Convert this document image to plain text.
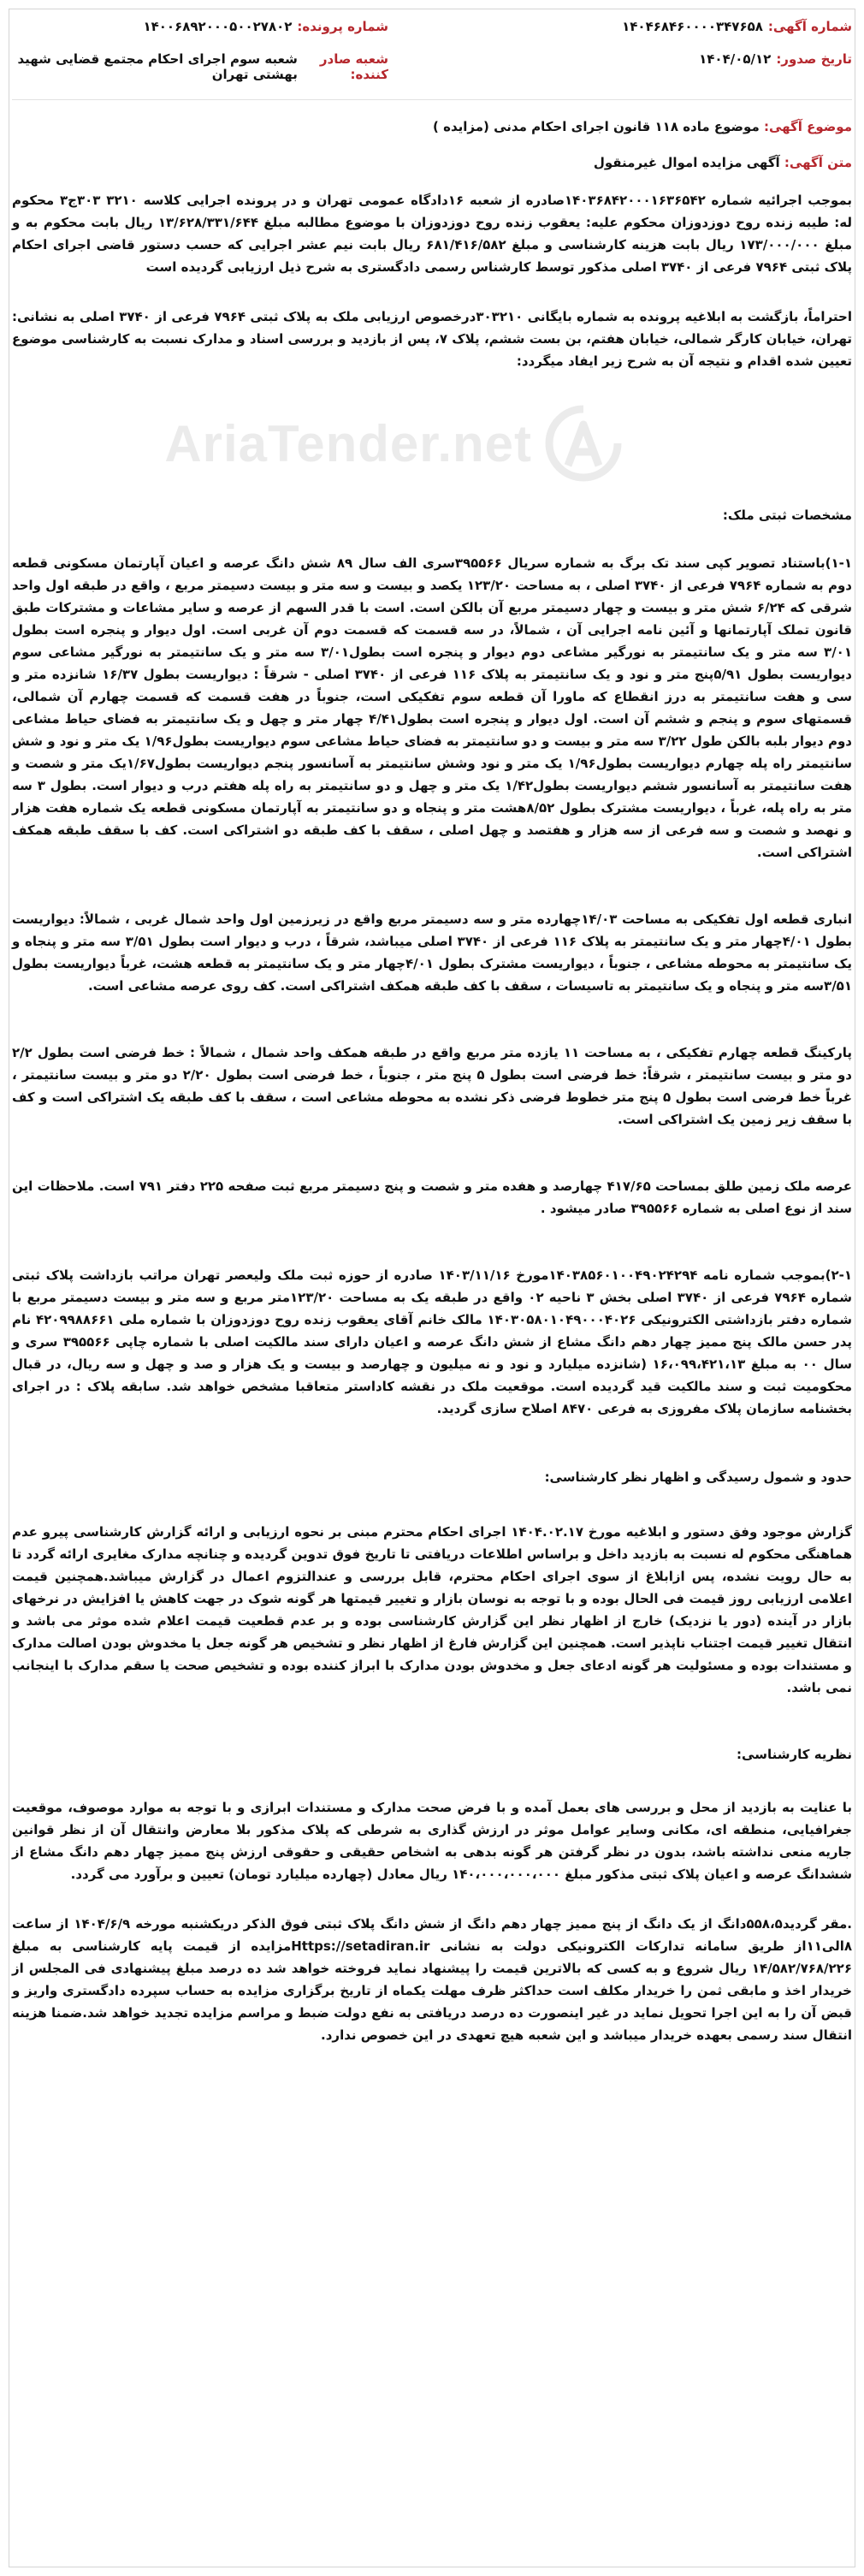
AriaTender.net
شماره آگهی:
۱۴۰۴۶۸۴۶۰۰۰۰۳۴۷۶۵۸
شماره پرونده:
۱۴۰۰۶۸۹۲۰۰۰۵۰۰۲۷۸۰۲
تاریخ صدور:
۱۴۰۴/۰۵/۱۲
شعبه صادر کننده:
شعبه سوم اجرای احکام مجتمع قضایی شهید بهشتی تهران
موضوع آگهی: موضوع ماده ۱۱۸ قانون اجرای احکام مدنی (مزایده )
متن آگهی: آگهی مزایده اموال غیرمنقول

بموجب اجرائیه شماره ۱۴۰۳۶۸۴۲۰۰۰۱۶۳۶۵۴۲صادره از شعبه ۱۶دادگاه عمومی تهران و در پرونده اجرایی کلاسه ۳۲۱۰ ۳۰۳ج۳ محکوم له: طیبه زنده روح دوزدوزان محکوم علیه: یعقوب زنده روح دوزدوزان با موضوع مطالبه مبلغ ۱۳/۶۲۸/۳۳۱/۶۴۴ ریال بابت محکوم به و مبلغ ۱۷۳/۰۰۰/۰۰۰ ریال بابت هزینه کارشناسی و مبلغ ۶۸۱/۴۱۶/۵۸۲ ریال بابت نیم عشر اجرایی که حسب دستور قاضی اجرای احکام پلاک ثبتی ۷۹۶۴ فرعی از ۳۷۴۰ اصلی مذکور توسط کارشناس رسمی دادگستری به شرح ذیل ارزیابی گردیده است

احتراماً، بازگشت به ابلاغیه پرونده به شماره بایگانی ۳۰۳۲۱۰درخصوص ارزیابی ملک به پلاک ثبتی ۷۹۶۴ فرعی از ۳۷۴۰ اصلی به نشانی: تهران، خیابان کارگر شمالی، خیابان هفتم، بن بست ششم، پلاک ۷، پس از بازدید و بررسی اسناد و مدارک نسبت به کارشناسی موضوع تعیین شده اقدام و نتیجه آن به شرح زیر ایفاد میگردد:

مشخصات ثبتی ملک:

۱-۱)باستناد تصویر کپی سند تک برگ به شماره سریال ۳۹۵۵۶۶سری الف سال ۸۹ شش دانگ عرصه و اعیان آپارتمان مسکونی قطعه دوم به شماره ۷۹۶۴ فرعی از ۳۷۴۰ اصلی ، به مساحت ۱۲۳/۲۰ یکصد و بیست و سه متر و بیست دسیمتر مربع ، واقع در طبقه اول واحد شرقی که ۶/۲۴ شش متر و بیست و چهار دسیمتر مربع آن بالکن است. است با قدر السهم از عرصه و سایر مشاعات و مشترکات طبق قانون تملک آپارتمانها و آئین نامه اجرایی آن ، شمالاً، در سه قسمت که قسمت دوم آن غربی است. اول دیوار و پنجره است بطول ۳/۰۱ سه متر و یک سانتیمتر به نورگیر مشاعی دوم دیوار و پنجره است بطول۳/۰۱ سه متر و یک سانتیمتر به نورگیر مشاعی سوم دیواریست بطول ۵/۹۱پنج متر و نود و یک سانتیمتر به پلاک ۱۱۶ فرعی از ۳۷۴۰ اصلی - شرقاً : دیواریست بطول ۱۶/۳۷ شانزده متر و سی و هفت سانتیمتر به درز انقطاع که ماورا آن قطعه سوم تفکیکی است، جنوباً در هفت قسمت که قسمت چهارم آن شمالی، قسمتهای سوم و پنجم و ششم آن است. اول دیوار و پنجره است بطول۴/۴۱ چهار متر و چهل و یک سانتیمتر به فضای حیاط مشاعی دوم دیوار بلبه بالکن طول ۳/۲۲ سه متر و بیست و دو سانتیمتر به فضای حیاط مشاعی سوم دیواریست بطول۱/۹۶ یک متر و نود و شش سانتیمتر راه پله چهارم دیواریست بطول۱/۹۶ یک متر و نود وشش سانتیمتر به آسانسور پنجم دیواریست بطول۱/۶۷یک متر و شصت و هفت سانتیمتر به آسانسور ششم دیواریست بطول۱/۴۲ یک متر و چهل و دو سانتیمتر به راه پله هفتم درب و دیوار است. بطول ۳ سه متر به راه پله، غرباً ، دیواریست مشترک بطول ۸/۵۲هشت متر و پنجاه و دو سانتیمتر به آپارتمان مسکونی قطعه یک شماره هفت هزار و نهصد و شصت و سه فرعی از سه هزار و هفتصد و چهل اصلی ، سقف با کف طبقه دو اشتراکی است. کف با سقف طبقه همکف اشتراکی است.

انباری قطعه اول تفکیکی به مساحت ۱۴/۰۳چهارده متر و سه دسیمتر مربع واقع در زیرزمین اول واحد شمال غربی ، شمالاً: دیواریست بطول ۴/۰۱چهار متر و یک سانتیمتر به پلاک ۱۱۶ فرعی از ۳۷۴۰ اصلی میباشد، شرقاً ، درب و دیوار است بطول ۳/۵۱ سه متر و پنجاه و یک سانتیمتر به محوطه مشاعی ، جنوباً ، دیواریست مشترک بطول ۴/۰۱چهار متر و یک سانتیمتر به قطعه هشت، غرباً دیواریست بطول ۳/۵۱سه متر و پنجاه و یک سانتیمتر به تاسیسات ، سقف با کف طبقه همکف اشتراکی است. کف روی عرصه مشاعی است.

پارکینگ قطعه چهارم تفکیکی ، به مساحت ۱۱ یازده متر مربع واقع در طبقه همکف واحد شمال ، شمالاً : خط فرضی است بطول ۲/۲ دو متر و بیست سانتیمتر ، شرقاً: خط فرضی است بطول ۵ پنج متر ، جنوباً ، خط فرضی است بطول ۲/۲۰ دو متر و بیست سانتیمتر ، غرباً خط فرضی است بطول ۵ پنج متر خطوط فرضی ذکر نشده به محوطه مشاعی است ، سقف با کف طبقه یک اشتراکی است و کف با سقف زیر زمین یک اشتراکی است.

عرصه ملک زمین طلق بمساحت ۴۱۷/۶۵ چهارصد و هفده متر و شصت و پنج دسیمتر مربع ثبت صفحه ۲۲۵ دفتر ۷۹۱ است. ملاحظات این سند از نوع اصلی به شماره ۳۹۵۵۶۶ صادر میشود .

۲-۱)بموجب شماره نامه ۱۴۰۳۸۵۶۰۱۰۰۴۹۰۲۴۲۹۴مورخ ۱۴۰۳/۱۱/۱۶ صادره از حوزه ثبت ملک ولیعصر تهران مراتب بازداشت پلاک ثبتی شماره ۷۹۶۴ فرعی از ۳۷۴۰ اصلی بخش ۳ ناحیه ۰۲ واقع در طبقه یک به مساحت ۱۲۳/۲۰متر مربع و سه متر و بیست دسیمتر مربع با شماره دفتر بازداشتی الکترونیکی ۱۴۰۳۰۵۸۰۱۰۴۹۰۰۰۴۰۲۶ مالک خانم آقای یعقوب زنده روح دوزدوزان با شماره ملی ۴۲۰۹۹۸۸۶۶۱ نام پدر حسن مالک پنج ممیز چهار دهم دانگ مشاع از شش دانگ عرصه و اعیان دارای سند مالکیت اصلی با شماره چاپی ۳۹۵۵۶۶ سری و سال ۰۰ به مبلغ ۱۶،۰۹۹،۴۲۱،۱۳ (شانزده میلیارد و نود و نه میلیون و چهارصد و بیست و یک هزار و صد و چهل و سه ریال، در قبال محکومیت ثبت و سند مالکیت قید گردیده است. موقعیت ملک در نقشه کاداستر متعاقبا مشخص خواهد شد. سابقه پلاک : در اجرای بخشنامه سازمان پلاک مفروزی به فرعی ۸۴۷۰ اصلاح سازی گردید.

حدود و شمول رسیدگی و اظهار نظر کارشناسی:

گزارش موجود وفق دستور و ابلاغیه مورخ ۱۴۰۴.۰۲.۱۷ اجرای احکام محترم مبنی بر نحوه ارزیابی و ارائه گزارش کارشناسی پیرو عدم هماهنگی محکوم له نسبت به بازدید داخل و براساس اطلاعات دریافتی تا تاریخ فوق تدوین گردیده و چنانچه مدارک مغایری ارائه گردد تا به حال رویت نشده، پس ازابلاغ از سوی اجرای احکام محترم، قابل بررسی و عندالتزوم اعمال در گزارش میباشد.همچنین قیمت اعلامی ارزیابی روز قیمت فی الحال بوده و با توجه به نوسان بازار و تغییر قیمتها هر گونه شوک در جهت کاهش یا افزایش در نرخهای بازار در آینده (دور یا نزدیک) خارج از اظهار نظر این گزارش کارشناسی بوده و بر عدم قطعیت قیمت اعلام شده موثر می باشد و انتقال تغییر قیمت اجتناب ناپذیر است. همچنین این گزارش فارغ از اظهار نظر و تشخیص هر گونه جعل یا مخدوش بودن اصالت مدارک و مستندات بوده و مسئولیت هر گونه ادعای جعل و مخدوش بودن مدارک با ابراز کننده بوده و تشخیص صحت یا سقم مدارک با اینجانب نمی باشد.

نظریه کارشناسی:

با عنایت به بازدید از محل و بررسی های بعمل آمده و با فرض صحت مدارک و مستندات ابرازی و با توجه به موارد موصوف، موقعیت جغرافیایی، منطقه ای، مکانی وسایر عوامل موثر در ارزش گذاری به شرطی که پلاک مذکور بلا معارض وانتقال آن از نظر قوانین جاریه منعی نداشته باشد، بدون در نظر گرفتن هر گونه بدهی به اشخاص حقیقی و حقوقی ارزش پنج ممیز چهار دهم دانگ مشاع از ششدانگ عرصه و اعیان پلاک ثبتی مذکور مبلغ ۱۴۰،۰۰۰،۰۰۰،۰۰۰ ریال معادل (چهارده میلیارد تومان) تعیین و برآورد می گردد.

.مقر گردید۵۵۸،۵دانگ از یک دانگ از پنج ممیز چهار دهم دانگ از شش دانگ پلاک ثبتی فوق الذکر دریکشنبه مورخه ۱۴۰۴/۶/۹ از ساعت ۸الی۱۱از طریق سامانه تدارکات الکترونیکی دولت به نشانی Https://setadiran.irمزایده از قیمت پایه کارشناسی به مبلغ ۱۴/۵۸۲/۷۶۸/۲۲۶ ریال شروع و به کسی که بالاترین قیمت را پیشنهاد نماید فروخته خواهد شد ده درصد مبلغ پیشنهادی فی المجلس از خریدار اخذ و مابقی ثمن را خریدار مکلف است حداکثر ظرف مهلت یکماه از تاریخ برگزاری مزایده به حساب سپرده دادگستری واریز و قبض آن را به این اجرا تحویل نماید در غیر اینصورت ده درصد دریافتی به نفع دولت ضبط و مراسم مزایده تجدید خواهد شد.ضمنا هزینه انتقال سند رسمی بعهده خریدار میباشد و این شعبه هیچ تعهدی در این خصوص ندارد.
